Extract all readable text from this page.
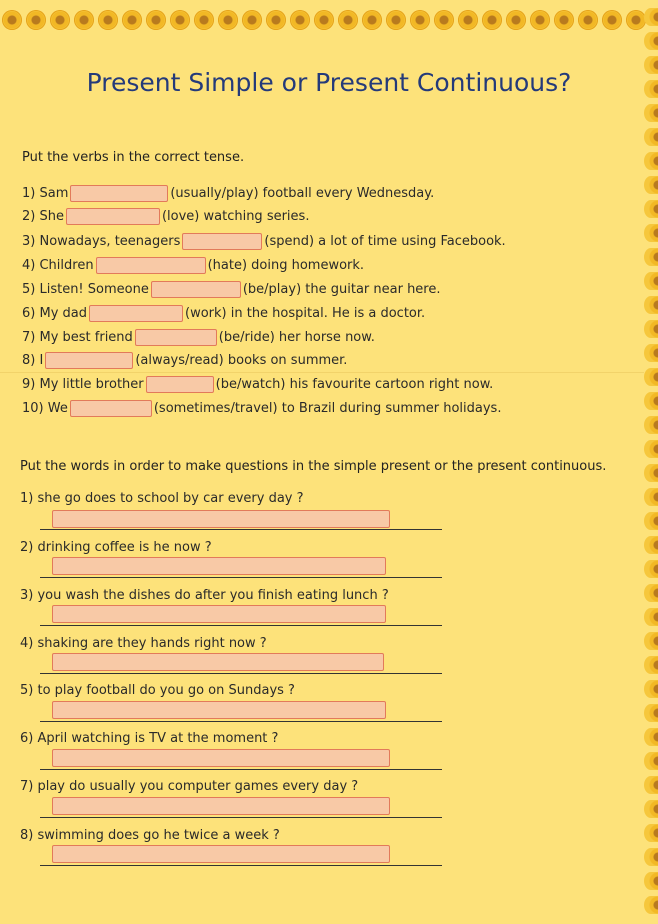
Present Simple or Present Continuous?
Put the verbs in the correct tense.
1) Sam	(usually/play) football every Wednesday.
2) She	(love) watching series.
3) Nowadays, teenagers	(spend) a lot of time using Facebook.
4) Children	(hate) doing homework.
5) Listen! Someone	(be/play) the guitar near here.
6) My dad	(work) in the hospital. He is a doctor.
7) My best friend	(be/ride) her horse now.
8) I	(always/read) books on summer.
9) My little brother	(be/watch) his favourite cartoon right now.
10) We	(sometimes/travel) to Brazil during summer holidays.
Put the words in order to make questions in the simple present or the present continuous.
1) she go does to school by car every day ?
2) drinking coffee is he now ?
3) you wash the dishes do after you finish eating lunch ?
4) shaking are they hands right now ?
5) to play football do you go on Sundays ?
6) April watching is TV at the moment ?
7) play do usually you computer games every day ?
8) swimming does go he twice a week ?
